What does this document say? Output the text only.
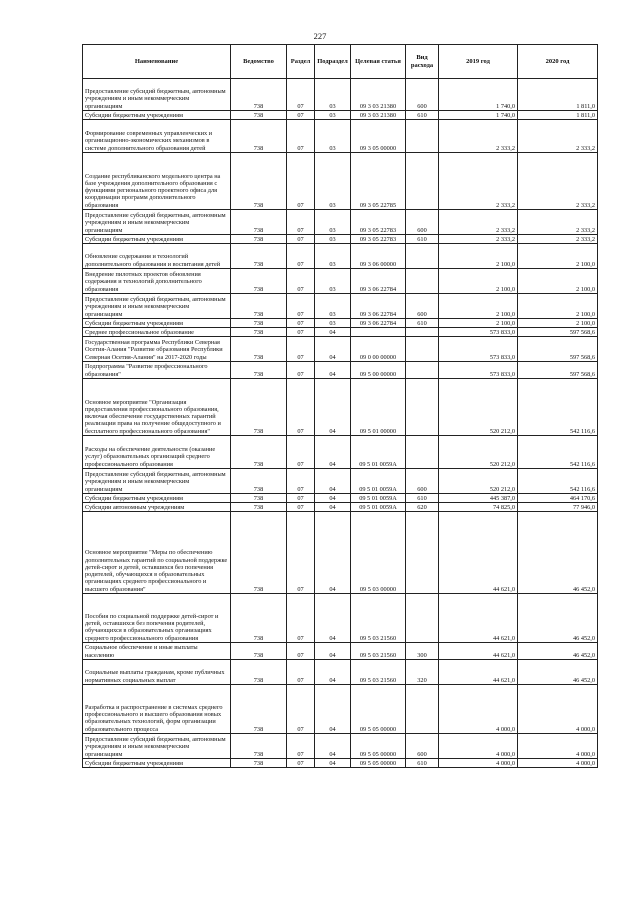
227
Наименование	Ведомство	Раздел	Подраздел	Целевая статья	Вид расхода	2019 год	2020 год
Предоставление субсидий бюджетным, автономным учреждениям и иным некоммерческим организациям	738	07	03	09 3 03 21380	600	1 740,0	1 811,0
Субсидии бюджетным учреждениям	738	07	03	09 3 03 21380	610	1 740,0	1 811,0
Формирование современных управленческих и организационно-экономических механизмов в системе дополнительного образования детей	738	07	03	09 3 05 00000		2 333,2	2 333,2
Создание республиканского модельного центра на базе учреждения дополнительного образования с функциями регионального проектного офиса для координации программ дополнительного образования	738	07	03	09 3 05 22785		2 333,2	2 333,2
Предоставление субсидий бюджетным, автономным учреждениям и иным некоммерческим организациям	738	07	03	09 3 05 22783	600	2 333,2	2 333,2
Субсидии бюджетным учреждениям	738	07	03	09 3 05 22783	610	2 333,2	2 333,2
Обновление содержания и технологий дополнительного образования и воспитания детей	738	07	03	09 3 06 00000		2 100,0	2 100,0
Внедрение пилотных проектов обновления содержания и технологий дополнительного образования	738	07	03	09 3 06 22784		2 100,0	2 100,0
Предоставление субсидий бюджетным, автономным учреждениям и иным некоммерческим организациям	738	07	03	09 3 06 22784	600	2 100,0	2 100,0
Субсидии бюджетным учреждениям	738	07	03	09 3 06 22784	610	2 100,0	2 100,0
Среднее профессиональное образование	738	07	04			573 833,0	597 568,6
Государственная программа Республики Северная Осетия-Алания "Развитие образования Республики Северная Осетия-Алания" на 2017-2020 годы	738	07	04	09 0 00 00000		573 833,0	597 568,6
Подпрограмма "Развитие профессионального образования"	738	07	04	09 5 00 00000		573 833,0	597 568,6
Основное мероприятие "Организация предоставления профессионального образования, включая обеспечение государственных гарантий реализации права на получение общедоступного и бесплатного профессионального образования"	738	07	04	09 5 01 00000		520 212,0	542 116,6
Расходы на обеспечение деятельности (оказание услуг) образовательных организаций среднего профессионального образования	738	07	04	09 5 01 0059А		520 212,0	542 116,6
Предоставление субсидий бюджетным, автономным учреждениям и иным некоммерческим организациям	738	07	04	09 5 01 0059А	600	520 212,0	542 116,6
Субсидии бюджетным учреждениям	738	07	04	09 5 01 0059А	610	445 387,0	464 170,6
Субсидии автономным учреждениям	738	07	04	09 5 01 0059А	620	74 825,0	77 946,0
Основное мероприятие "Меры по обеспечению дополнительных гарантий по социальной поддержке детей-сирот и детей, оставшихся без попечения родителей, обучающихся в образовательных организациях среднего профессионального и высшего образования"	738	07	04	09 5 03 00000		44 621,0	46 452,0
Пособия по социальной поддержке детей-сирот и детей, оставшихся без попечения родителей, обучающихся в образовательных организациях среднего профессионального образования	738	07	04	09 5 03 21560		44 621,0	46 452,0
Социальное обеспечение и иные выплаты населению	738	07	04	09 5 03 21560	300	44 621,0	46 452,0
Социальные выплаты гражданам, кроме публичных нормативных социальных выплат	738	07	04	09 5 03 21560	320	44 621,0	46 452,0
Разработка и распространение в системах среднего профессионального и высшего образования новых образовательных технологий, форм организации образовательного процесса	738	07	04	09 5 05 00000		4 000,0	4 000,0
Предоставление субсидий бюджетным, автономным учреждениям и иным некоммерческим организациям	738	07	04	09 5 05 00000	600	4 000,0	4 000,0
Субсидии бюджетным учреждениям	738	07	04	09 5 05 00000	610	4 000,0	4 000,0
